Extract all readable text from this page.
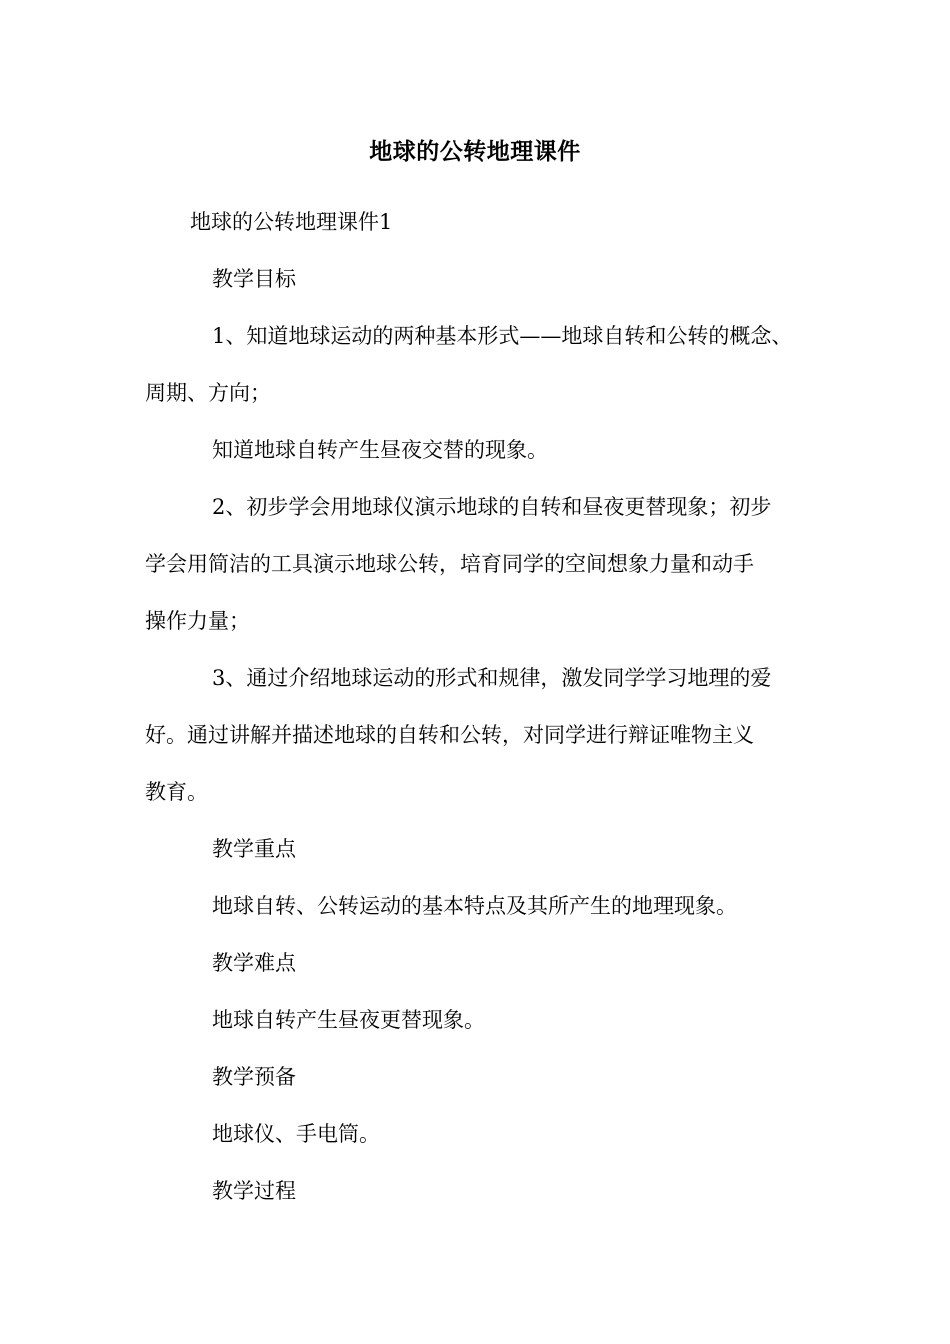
地球的公转地理课件
地球的公转地理课件1
教学目标
1、知道地球运动的两种基本形式——地球自转和公转的概念、
周期、方向；
知道地球自转产生昼夜交替的现象。
2、初步学会用地球仪演示地球的自转和昼夜更替现象；初步
学会用简洁的工具演示地球公转，培育同学的空间想象力量和动手
操作力量；
3、通过介绍地球运动的形式和规律，激发同学学习地理的爱
好。通过讲解并描述地球的自转和公转，对同学进行辩证唯物主义
教育。
教学重点
地球自转、公转运动的基本特点及其所产生的地理现象。
教学难点
地球自转产生昼夜更替现象。
教学预备
地球仪、手电筒。
教学过程
